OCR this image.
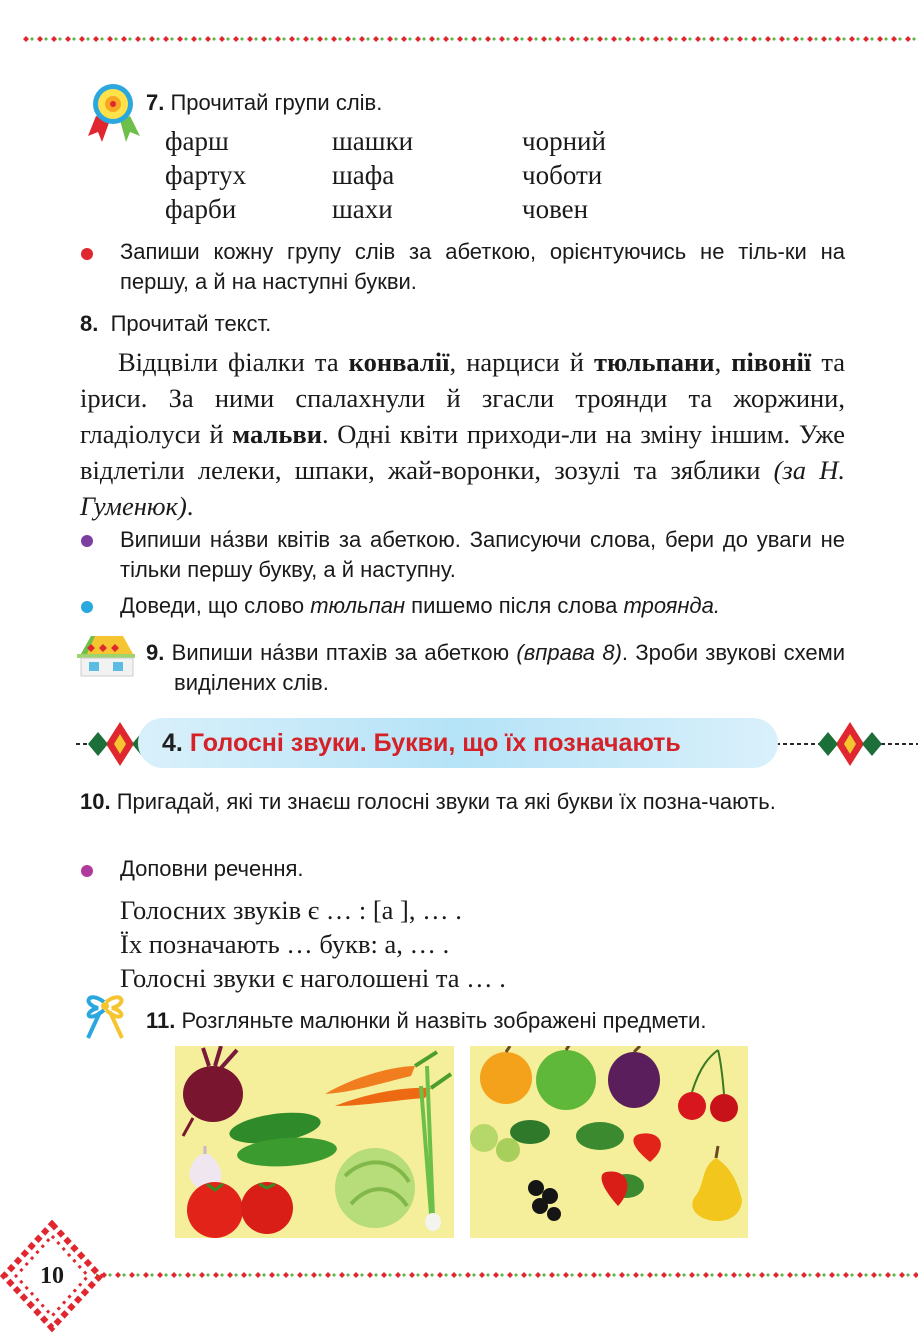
7. Прочитай групи слів.
фарш
фартух
фарби
шашки
шафа
шахи
чорний
чоботи
човен
Запиши кожну групу слів за абеткою, орієнтуючись не тіль-ки на першу, а й на наступні букви.
8. Прочитай текст.

Відцвіли фіалки та конвалії, нарциси й тюльпани, півонії та іриси. За ними спалахнули й згасли троянди та жоржини, гладіолуси й мальви. Одні квіти приходи-ли на зміну іншим. Уже відлетіли лелеки, шпаки, жай-воронки, зозулі та зяблики (за Н. Гуменюк).

Випиши на́зви квітів за абеткою. Записуючи слова, бери до уваги не тільки першу букву, а й наступну.
Доведи, що слово тюльпан пишемо після слова троянда.
9. Випиши на́зви птахів за абеткою (вправа 8). Зроби звукові схеми виділених слів.
4. Голосні звуки. Букви, що їх позначають
10. Пригадай, які ти знаєш голосні звуки та які букви їх позна-чають.
Доповни речення.
Голосних звуків є … : [а ], … .
Їх позначають … букв: а, … .
Голосні звуки є наголошені та … .
11. Розгляньте малюнки й назвіть зображені предмети.
10
